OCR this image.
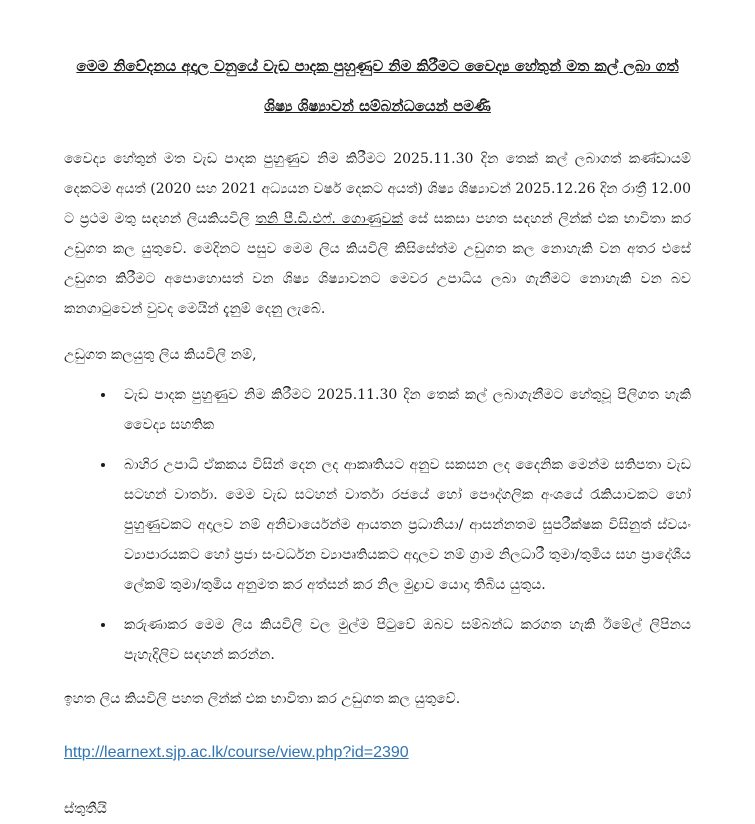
මෙම නිවේදනය අදාල වනුයේ වැඩ පාදක පුහුණුව නිම කිරීමට වෛද්‍ය හේතුන් මත කල් ලබා ගත් ශිෂ්‍ය ශිෂ්‍යාවන් සම්බන්ධයෙන් පමණි

වෛද්‍ය හේතුන් මත වැඩ පාදක පුහුණුව නිම කිරීමට 2025.11.30 දින තෙක් කල් ලබාගත් කණ්ඩායම් දෙකටම අයත් (2020 සහ 2021 අධ්‍යයන වර්ෂ දෙකට අයත්) ශිෂ්‍ය ශිෂ්‍යාවන් 2025.12.26 දින රාත්‍රී 12.00 ට ප්‍රථම මතු සඳහන් ලියකියවිලි තනි පී.ඩී.එෆ්. ගොණුවක් සේ සකසා පහත සඳහන් ලින්ක් එක භාවිතා කර උඩුගත කල යුතුවේ. මෙදිනට පසුව මෙම ලිය කියවිලි කිසිසේත්ම උඩුගත කල නොහැකි වන අතර එසේ උඩුගත කිරීමට අපොහොසත් වන ශිෂ්‍ය ශිෂ්‍යාවනට මෙවර උපාධිය ලබා ගැනීමට නොහැකි වන බව කනගාටුවෙන් වුවද මෙයින් දැනුම් දෙනු ලැබේ.

උඩුගත කලයුතු ලිය කියවිලි නම්,

• වැඩ පාදක පුහුණුව නිම කිරීමට 2025.11.30 දින තෙක් කල් ලබාගැනීමට හේතුවූ පිලිගත හැකි වෛද්‍ය සහතික
• බාහිර උපාධි ඒකකය විසින් දෙන ලද ආකෘතියට අනුව සකසන ලද දෛනික මෙන්ම සතිපතා වැඩ සටහන් වාර්තා. මෙම වැඩ සටහන් වාර්තා රජයේ හෝ පෞද්ගලික අංශයේ රැකියාවකට හෝ පුහුණුවකට අදාලව නම් අනිවාර්යෙන්ම ආයතන ප්‍රධානියා/ ආසන්නතම සුපරීක්ෂක විසිනුත් ස්වයං ව්‍යාපාරයකට හෝ ප්‍රජා සංවර්ධන ව්‍යාපෘතියකට අදාලව නම් ග්‍රාම නිලධාරී තුමා/තුමිය සහ ප්‍රාදේශීය ලේකම් තුමා/තුමිය අනුමත කර අත්සන් කර නිල මුද්‍රාව යොදා තිබිය යුතුය.
• කරුණාකර මෙම ලිය කියවිලි වල මුල්ම පිටුවේ ඔබව සම්බන්ධ කරගත හැකි ඊමේල් ලිපිනය පැහැදිලිව සඳහන් කරන්න.

ඉහත ලිය කියවිලි පහත ලින්ක් එක භාවිතා කර උඩුගත කල යුතුවේ.

http://learnext.sjp.ac.lk/course/view.php?id=2390

ස්තුතීයි
